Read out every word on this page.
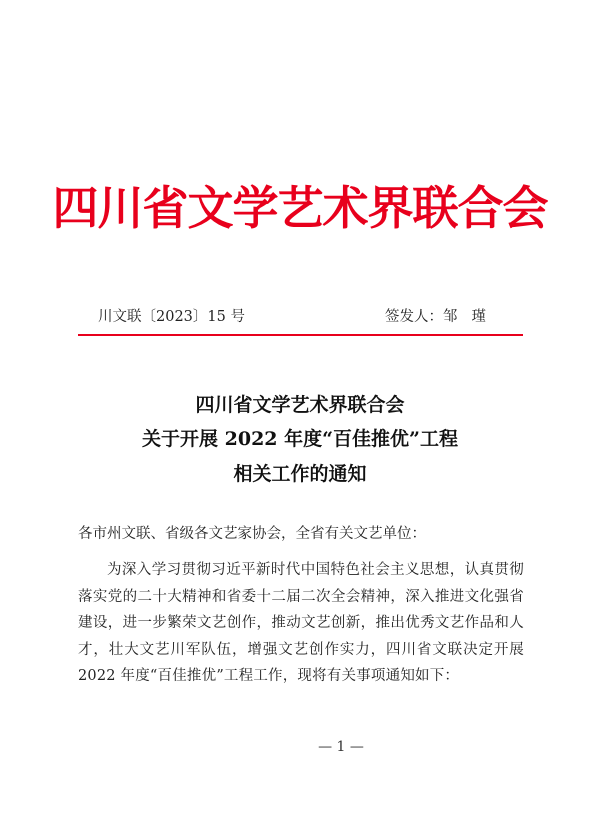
四川省文学艺术界联合会
川文联〔2023〕15 号	签发人：邹瑾
四川省文学艺术界联合会
关于开展 2022 年度“百佳推优”工程
相关工作的通知
各市州文联、省级各文艺家协会，全省有关文艺单位：
为深入学习贯彻习近平新时代中国特色社会主义思想，认真贯彻落实党的二十大精神和省委十二届二次全会精神，深入推进文化强省建设，进一步繁荣文艺创作，推动文艺创新，推出优秀文艺作品和人才，壮大文艺川军队伍，增强文艺创作实力，四川省文联决定开展 2022 年度“百佳推优”工程工作，现将有关事项通知如下：
— 1 —
